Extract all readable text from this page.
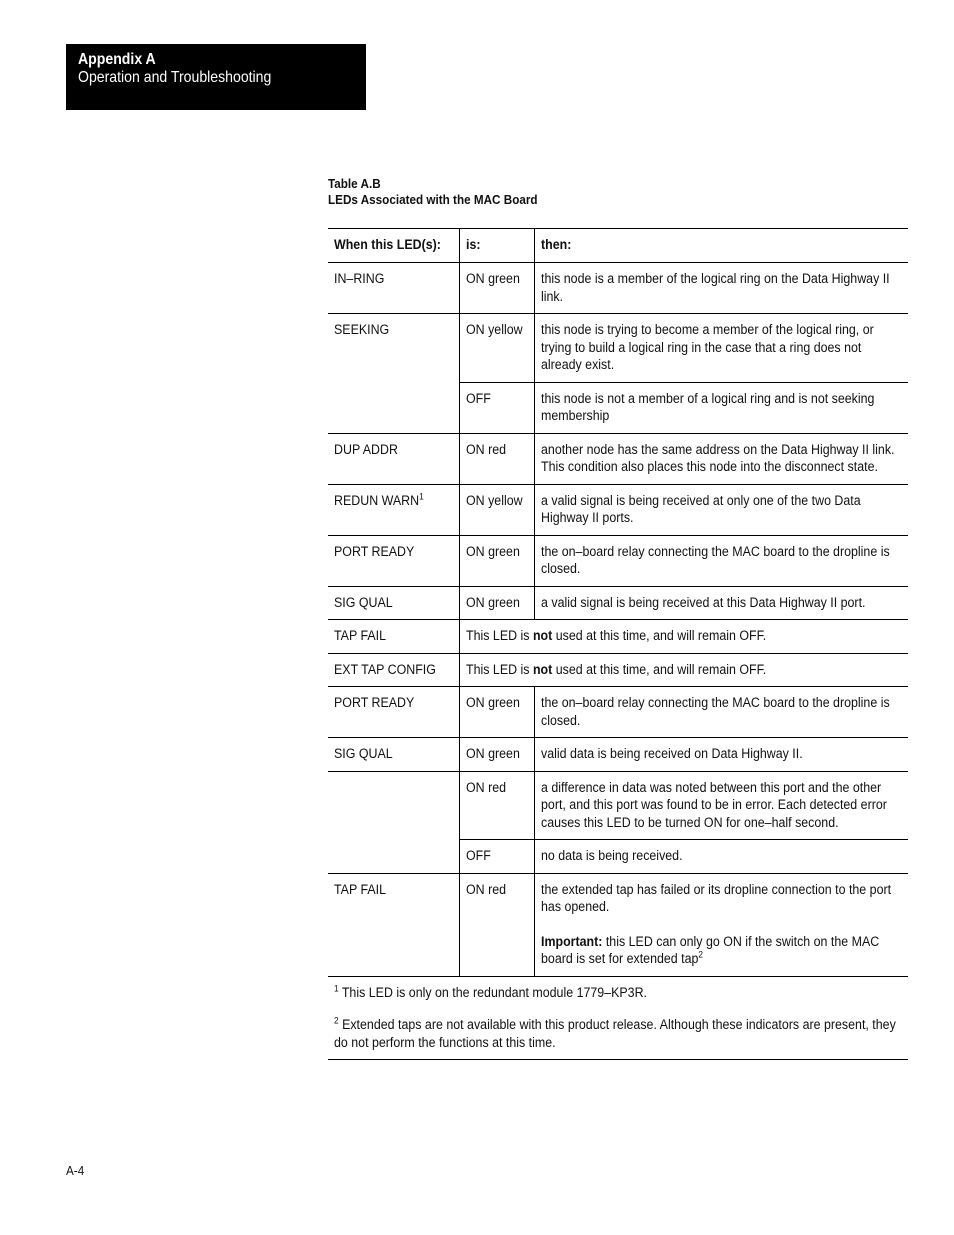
Appendix A
Operation and Troubleshooting
Table A.B
LEDs Associated with the MAC Board
When this LED(s):	is:	then:
IN–RING	ON green	this node is a member of the logical ring on the Data Highway II link.

SEEKING	ON yellow	this node is trying to become a member of the logical ring, or trying to build a logical ring in the case that a ring does not already exist.

	OFF	this node is not a member of a logical ring and is not seeking membership

DUP ADDR	ON red	another node has the same address on the Data Highway II link. This condition also places this node into the disconnect state.

REDUN WARN$^1$	ON yellow	a valid signal is being received at only one of the two Data Highway II ports.

PORT READY	ON green	the on–board relay connecting the MAC board to the dropline is closed.

SIG QUAL	ON green	a valid signal is being received at this Data Highway II port.

TAP FAIL	This LED is not used at this time, and will remain OFF.	
EXT TAP CONFIG	This LED is not used at this time, and will remain OFF.	
PORT READY	ON green	the on–board relay connecting the MAC board to the dropline is closed.

SIG QUAL	ON green	valid data is being received on Data Highway II.

	ON red	a difference in data was noted between this port and the other port, and this port was found to be in error. Each detected error causes this LED to be turned ON for one–half second.

	OFF	no data is being received.

TAP FAIL	ON red	the extended tap has failed or its dropline connection to the port has opened.
Important: this LED can only go ON if the switch on the MAC board is set for extended tap$^2$

$^1$ This LED is only on the redundant module 1779–KP3R.		

$^2$ Extended taps are not available with this product release. Although these indicators are present, they do not perform the functions at this time.		
A-4
